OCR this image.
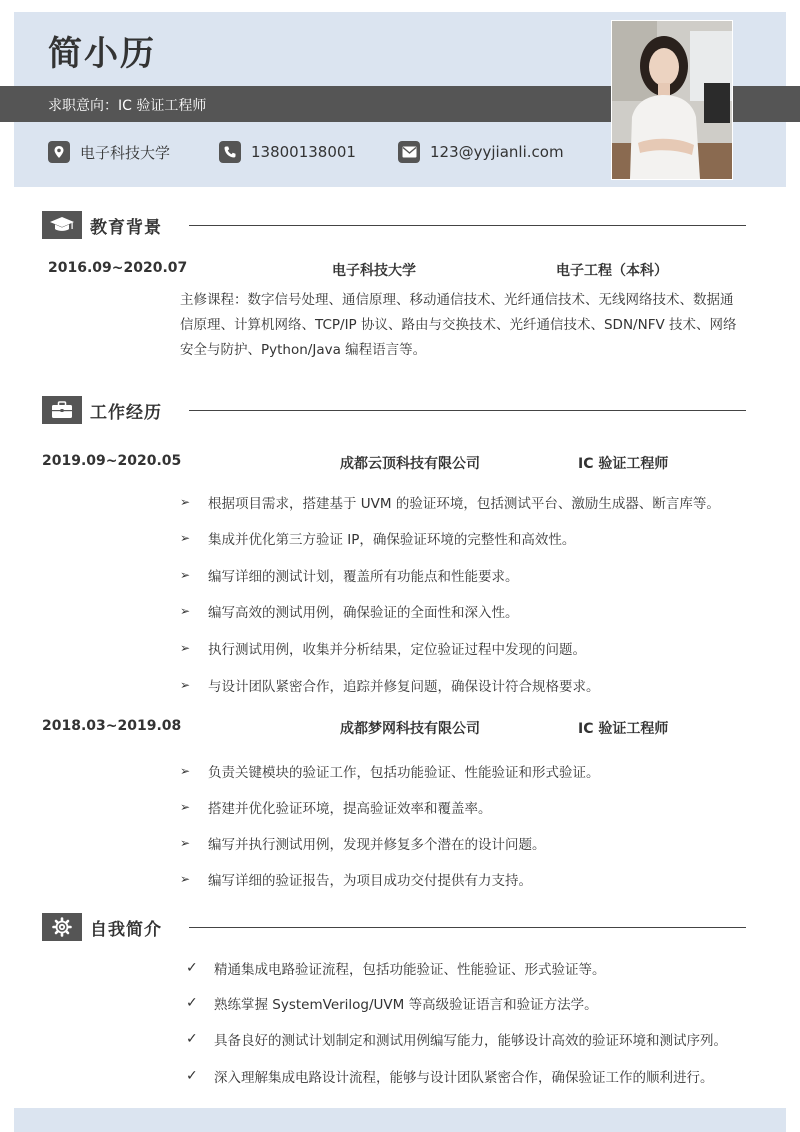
简小历
求职意向：IC 验证工程师
电子科技大学	13800138001	123@yyjianli.com
教育背景
2016.09~2020.07	电子科技大学	电子工程（本科）
主修课程：数字信号处理、通信原理、移动通信技术、光纤通信技术、无线网络技术、数据通信原理、计算机网络、TCP/IP 协议、路由与交换技术、光纤通信技术、SDN/NFV 技术、网络安全与防护、Python/Java 编程语言等。
工作经历
2019.09~2020.05	成都云顶科技有限公司	IC 验证工程师
➢	根据项目需求，搭建基于 UVM 的验证环境，包括测试平台、激励生成器、断言库等。
➢	集成并优化第三方验证 IP，确保验证环境的完整性和高效性。
➢	编写详细的测试计划，覆盖所有功能点和性能要求。
➢	编写高效的测试用例，确保验证的全面性和深入性。
➢	执行测试用例，收集并分析结果，定位验证过程中发现的问题。
➢	与设计团队紧密合作，追踪并修复问题，确保设计符合规格要求。
2018.03~2019.08	成都梦网科技有限公司	IC 验证工程师
➢	负责关键模块的验证工作，包括功能验证、性能验证和形式验证。
➢	搭建并优化验证环境，提高验证效率和覆盖率。
➢	编写并执行测试用例，发现并修复多个潜在的设计问题。
➢	编写详细的验证报告，为项目成功交付提供有力支持。
自我简介
✓	精通集成电路验证流程，包括功能验证、性能验证、形式验证等。
✓	熟练掌握 SystemVerilog/UVM 等高级验证语言和验证方法学。
✓	具备良好的测试计划制定和测试用例编写能力，能够设计高效的验证环境和测试序列。
✓	深入理解集成电路设计流程，能够与设计团队紧密合作，确保验证工作的顺利进行。
